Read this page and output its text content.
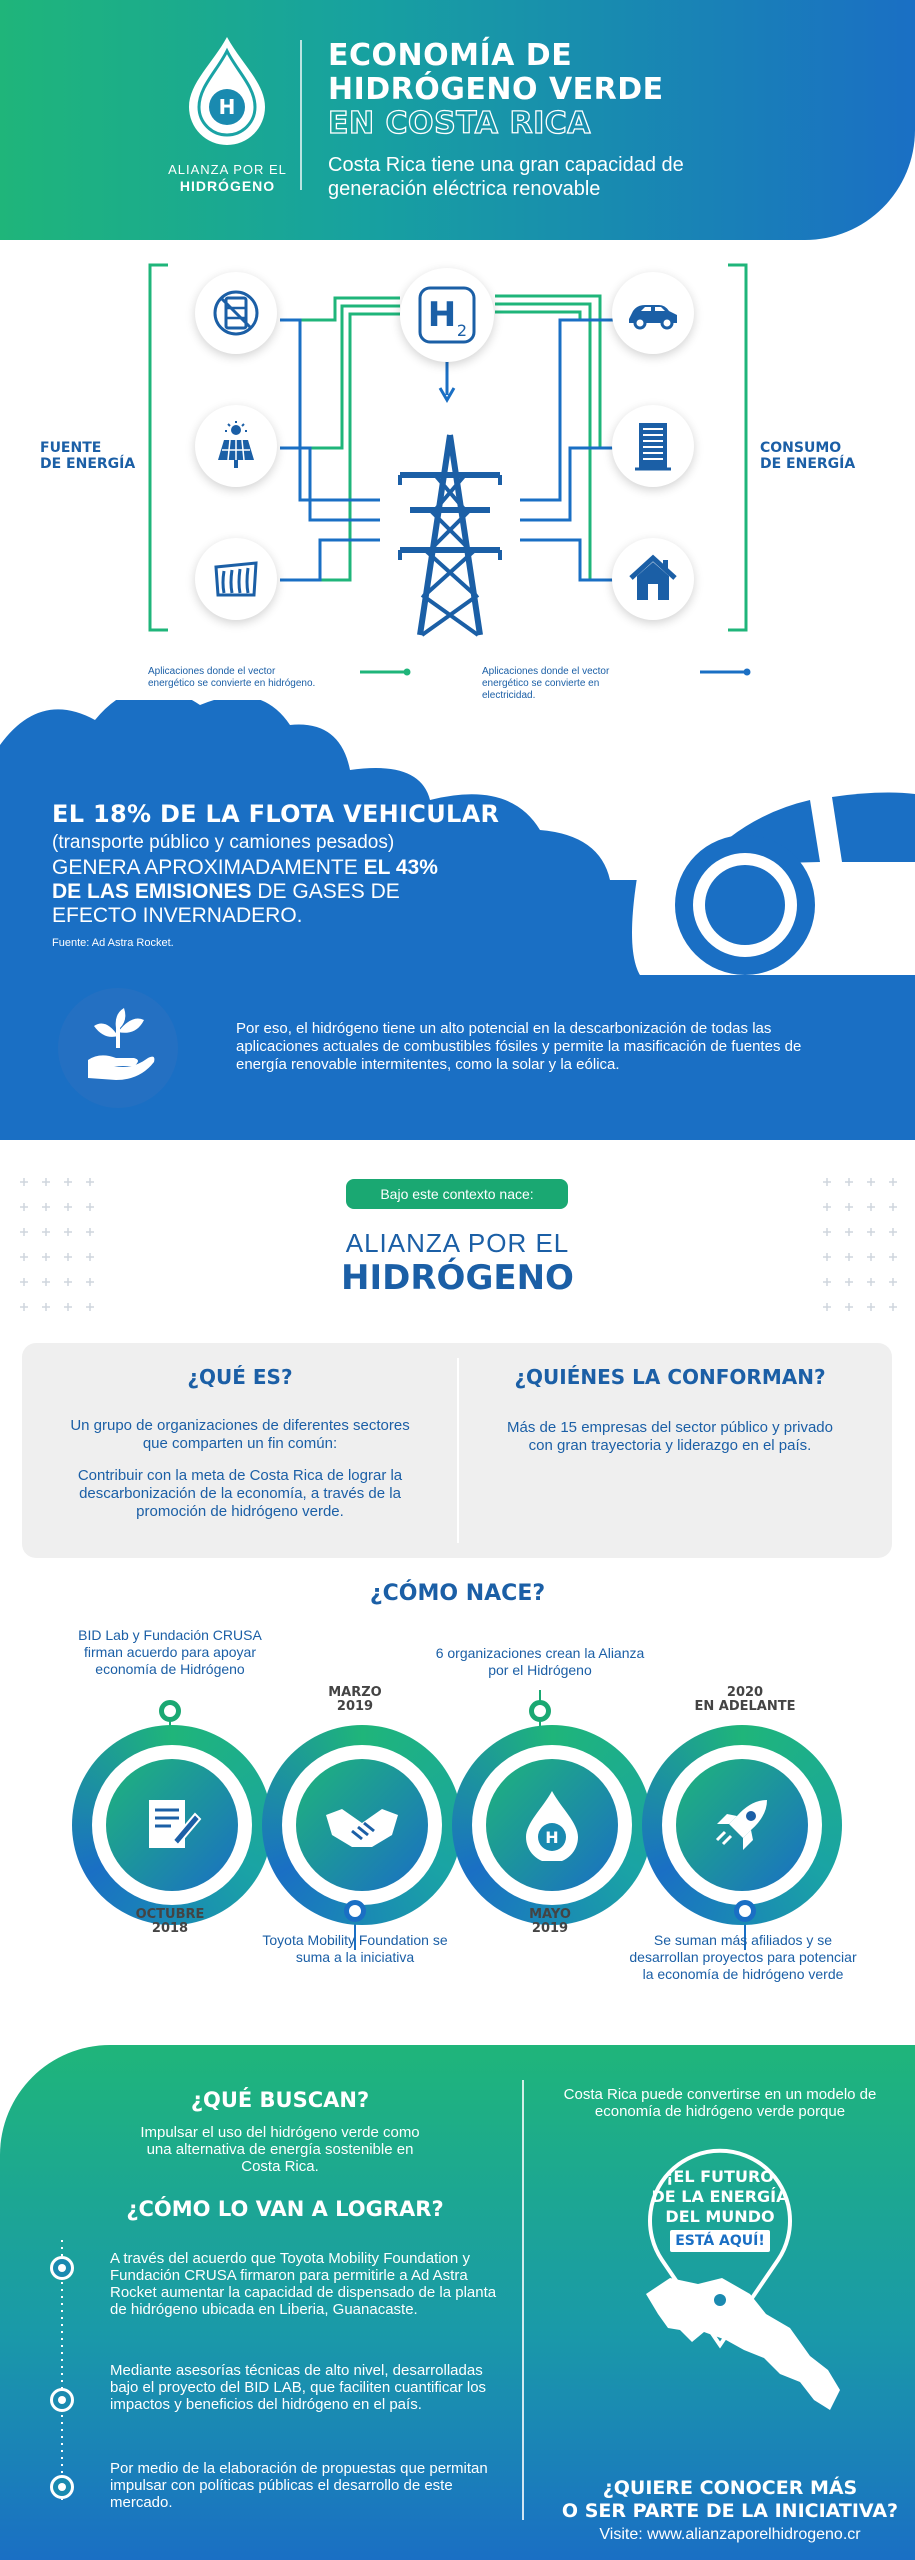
H
ALIANZA POR EL
HIDRÓGENO
ECONOMÍA DE
HIDRÓGENO VERDE
EN COSTA RICA
Costa Rica tiene una gran capacidad de generación eléctrica renovable
H 2
FUENTE
DE ENERGÍA
CONSUMO
DE ENERGÍA
Aplicaciones donde el vector energético se convierte en hidrógeno.
Aplicaciones donde el vector energético se convierte en electricidad.
EL 18% DE LA FLOTA VEHICULAR
(transporte público y camiones pesados)
GENERA APROXIMADAMENTE EL 43% DE LAS EMISIONES DE GASES DE EFECTO INVERNADERO.
Fuente: Ad Astra Rocket.
Por eso, el hidrógeno tiene un alto potencial en la descarbonización de todas las aplicaciones actuales de combustibles fósiles y permite la masificación de fuentes de energía renovable intermitentes, como la solar y la eólica.
Bajo este contexto nace:
ALIANZA POR EL
HIDRÓGENO
¿QUÉ ES?
Un grupo de organizaciones de diferentes sectores que comparten un fin común:
Contribuir con la meta de Costa Rica de lograr la descarbonización de la economía, a través de la promoción de hidrógeno verde.
¿QUIÉNES LA CONFORMAN?
Más de 15 empresas del sector público y privado con gran trayectoria y liderazgo en el país.
¿CÓMO NACE?
BID Lab y Fundación CRUSA firman acuerdo para apoyar economía de Hidrógeno
MARZO
2019
6 organizaciones crean la Alianza por el Hidrógeno
2020
EN ADELANTE
H
OCTUBRE
2018
Toyota Mobility Foundation se suma a la iniciativa
MAYO
2019
Se suman más afiliados y se desarrollan proyectos para potenciar la economía de hidrógeno verde
¿QUÉ BUSCAN?
Impulsar el uso del hidrógeno verde como una alternativa de energía sostenible en Costa Rica.
¿CÓMO LO VAN A LOGRAR?
A través del acuerdo que Toyota Mobility Foundation y Fundación CRUSA firmaron para permitirle a Ad Astra Rocket aumentar la capacidad de dispensado de la planta de hidrógeno ubicada en Liberia, Guanacaste.
Mediante asesorías técnicas de alto nivel, desarrolladas bajo el proyecto del BID LAB, que faciliten cuantificar los impactos y beneficios del hidrógeno en el país.
Por medio de la elaboración de propuestas que permitan impulsar con políticas públicas el desarrollo de este mercado.
Costa Rica puede convertirse en un modelo de economía de hidrógeno verde porque
¡EL FUTURO
DE LA ENERGÍA
DEL MUNDO
ESTÁ AQUÍ!
¿QUIERE CONOCER MÁS
O SER PARTE DE LA INICIATIVA?
Visite: www.alianzaporelhidrogeno.cr
